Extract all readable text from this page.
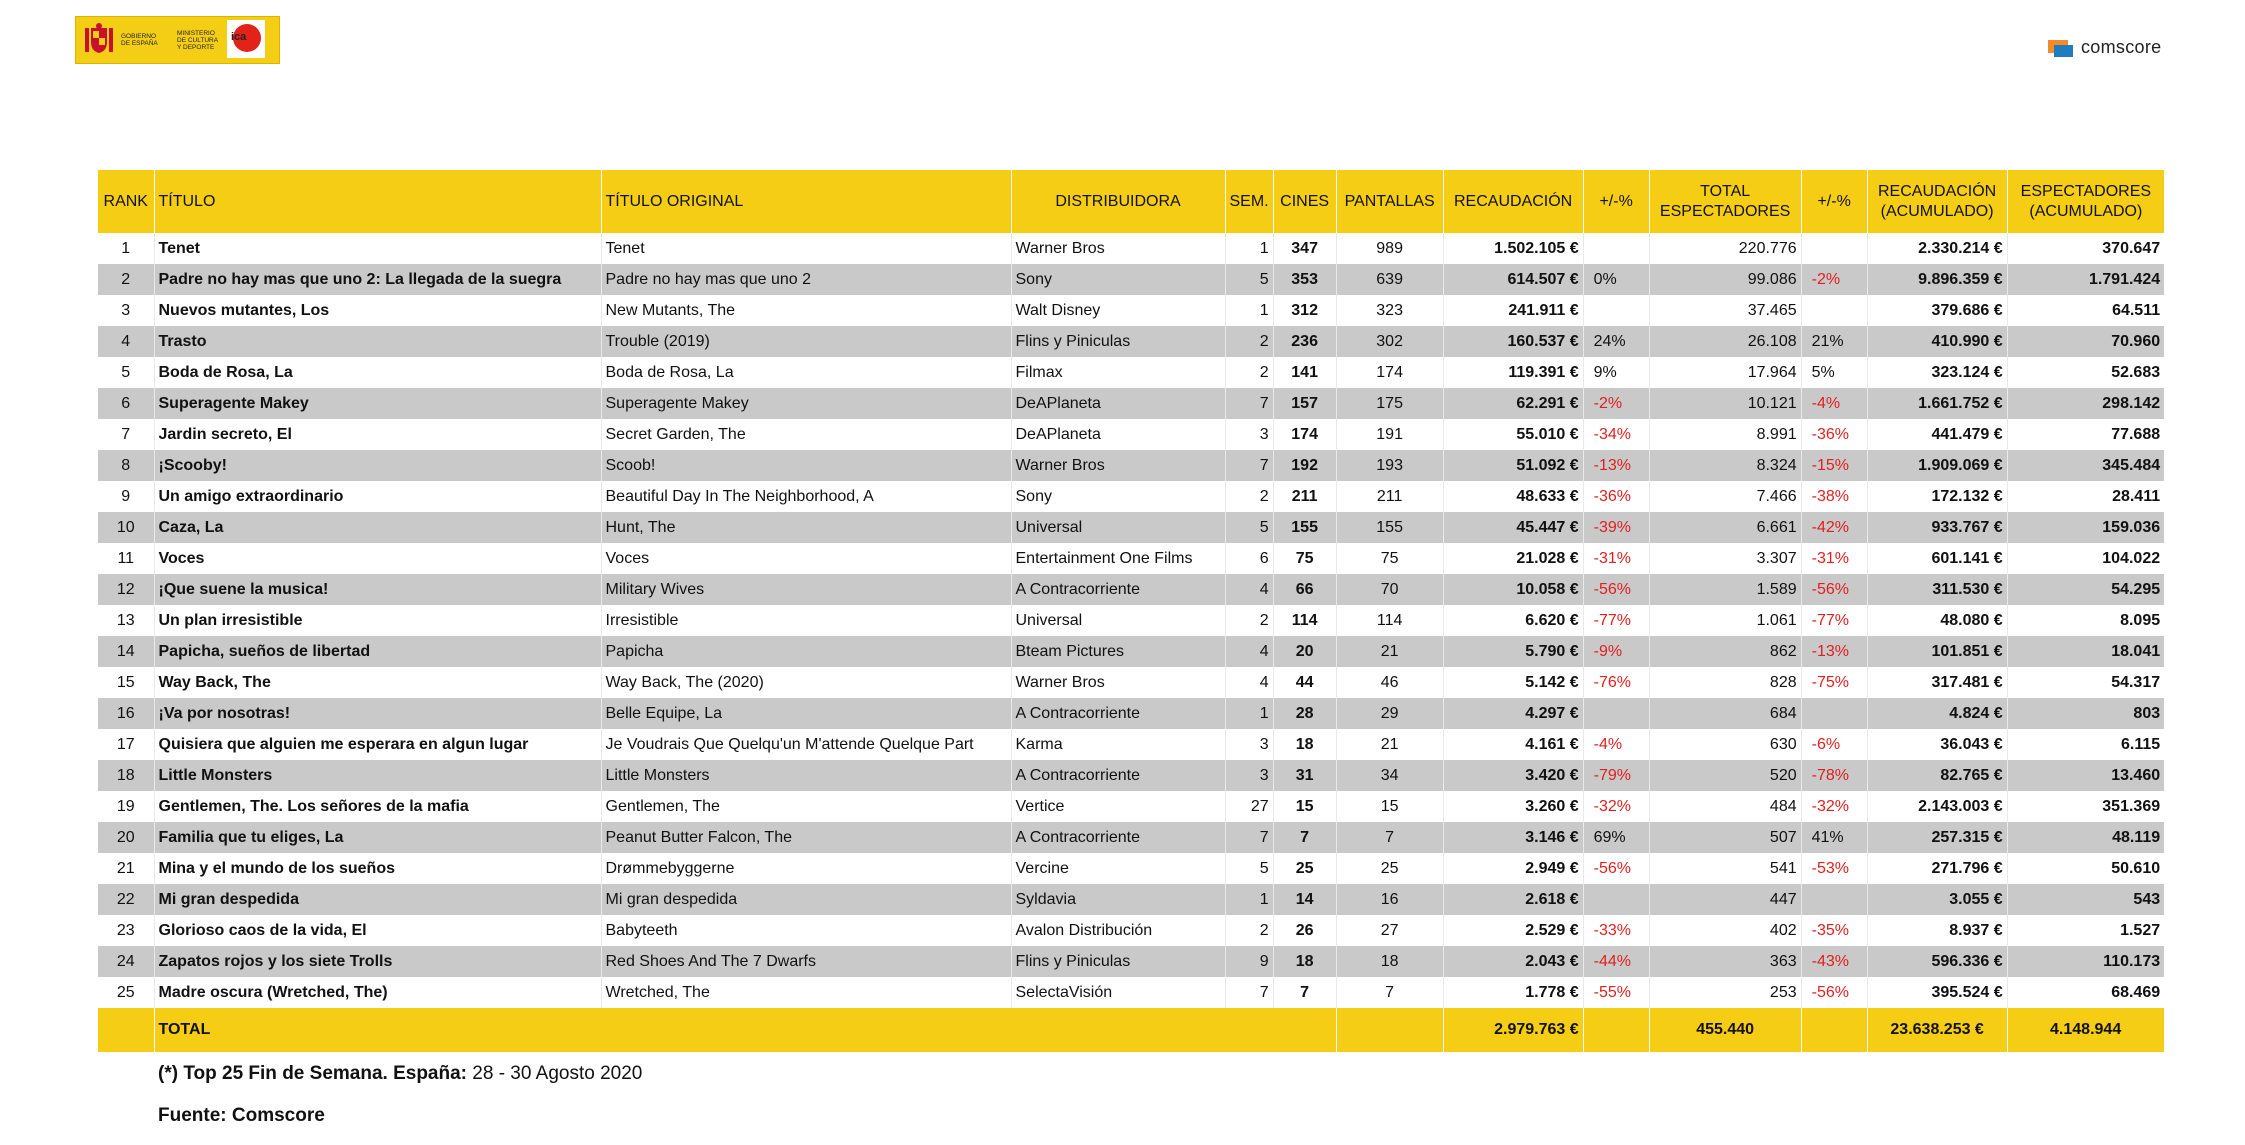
GOBIERNO DE ESPAÑA
MINISTERIO DE CULTURA Y DEPORTE
ica	comscore
RANK	TÍTULO	TÍTULO ORIGINAL	DISTRIBUIDORA	SEM.	CINES	PANTALLAS	RECAUDACIÓN	+/-%	TOTAL ESPECTADORES	+/-%	RECAUDACIÓN (ACUMULADO)	ESPECTADORES (ACUMULADO)
1	Tenet	Tenet	Warner Bros	1	347	989	1.502.105 €		220.776		2.330.214 €	370.647
2	Padre no hay mas que uno 2: La llegada de la suegra	Padre no hay mas que uno 2	Sony	5	353	639	614.507 €	0%	99.086	-2%	9.896.359 €	1.791.424
3	Nuevos mutantes, Los	New Mutants, The	Walt Disney	1	312	323	241.911 €		37.465		379.686 €	64.511
4	Trasto	Trouble (2019)	Flins y Piniculas	2	236	302	160.537 €	24%	26.108	21%	410.990 €	70.960
5	Boda de Rosa, La	Boda de Rosa, La	Filmax	2	141	174	119.391 €	9%	17.964	5%	323.124 €	52.683
6	Superagente Makey	Superagente Makey	DeAPlaneta	7	157	175	62.291 €	-2%	10.121	-4%	1.661.752 €	298.142
7	Jardin secreto, El	Secret Garden, The	DeAPlaneta	3	174	191	55.010 €	-34%	8.991	-36%	441.479 €	77.688
8	¡Scooby!	Scoob!	Warner Bros	7	192	193	51.092 €	-13%	8.324	-15%	1.909.069 €	345.484
9	Un amigo extraordinario	Beautiful Day In The Neighborhood, A	Sony	2	211	211	48.633 €	-36%	7.466	-38%	172.132 €	28.411
10	Caza, La	Hunt, The	Universal	5	155	155	45.447 €	-39%	6.661	-42%	933.767 €	159.036
11	Voces	Voces	Entertainment One Films	6	75	75	21.028 €	-31%	3.307	-31%	601.141 €	104.022
12	¡Que suene la musica!	Military Wives	A Contracorriente	4	66	70	10.058 €	-56%	1.589	-56%	311.530 €	54.295
13	Un plan irresistible	Irresistible	Universal	2	114	114	6.620 €	-77%	1.061	-77%	48.080 €	8.095
14	Papicha, sueños de libertad	Papicha	Bteam Pictures	4	20	21	5.790 €	-9%	862	-13%	101.851 €	18.041
15	Way Back, The	Way Back, The (2020)	Warner Bros	4	44	46	5.142 €	-76%	828	-75%	317.481 €	54.317
16	¡Va por nosotras!	Belle Equipe, La	A Contracorriente	1	28	29	4.297 €		684		4.824 €	803
17	Quisiera que alguien me esperara en algun lugar	Je Voudrais Que Quelqu'un M'attende Quelque Part	Karma	3	18	21	4.161 €	-4%	630	-6%	36.043 €	6.115
18	Little Monsters	Little Monsters	A Contracorriente	3	31	34	3.420 €	-79%	520	-78%	82.765 €	13.460
19	Gentlemen, The. Los señores de la mafia	Gentlemen, The	Vertice	27	15	15	3.260 €	-32%	484	-32%	2.143.003 €	351.369
20	Familia que tu eliges, La	Peanut Butter Falcon, The	A Contracorriente	7	7	7	3.146 €	69%	507	41%	257.315 €	48.119
21	Mina y el mundo de los sueños	Drømmebyggerne	Vercine	5	25	25	2.949 €	-56%	541	-53%	271.796 €	50.610
22	Mi gran despedida	Mi gran despedida	Syldavia	1	14	16	2.618 €		447		3.055 €	543
23	Glorioso caos de la vida, El	Babyteeth	Avalon Distribución	2	26	27	2.529 €	-33%	402	-35%	8.937 €	1.527
24	Zapatos rojos y los siete Trolls	Red Shoes And The 7 Dwarfs	Flins y Piniculas	9	18	18	2.043 €	-44%	363	-43%	596.336 €	110.173
25	Madre oscura (Wretched, The)	Wretched, The	SelectaVisión	7	7	7	1.778 €	-55%	253	-56%	395.524 €	68.469
	TOTAL						2.979.763 €		455.440		23.638.253 €	4.148.944
(*) Top 25 Fin de Semana. España: 28 - 30 Agosto 2020
Fuente: Comscore
